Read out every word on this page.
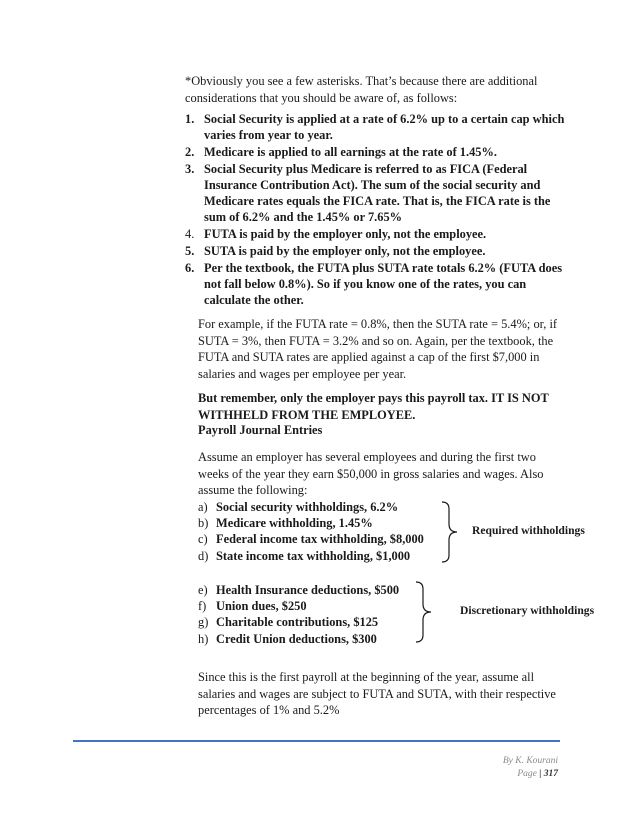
*Obviously you see a few asterisks. That’s because there are additional considerations that you should be aware of, as follows:

1. Social Security is applied at a rate of 6.2% up to a certain cap which varies from year to year.
2. Medicare is applied to all earnings at the rate of 1.45%.
3. Social Security plus Medicare is referred to as FICA (Federal Insurance Contribution Act). The sum of the social security and Medicare rates equals the FICA rate. That is, the FICA rate is the sum of 6.2% and the 1.45% or 7.65%
4. FUTA is paid by the employer only, not the employee.
5. SUTA is paid by the employer only, not the employee.
6. Per the textbook, the FUTA plus SUTA rate totals 6.2% (FUTA does not fall below 0.8%). So if you know one of the rates, you can calculate the other.

For example, if the FUTA rate = 0.8%, then the SUTA rate = 5.4%; or, if SUTA = 3%, then FUTA = 3.2% and so on. Again, per the textbook, the FUTA and SUTA rates are applied against a cap of the first $7,000 in salaries and wages per employee per year.

But remember, only the employer pays this payroll tax. IT IS NOT WITHHELD FROM THE EMPLOYEE.

Payroll Journal Entries

Assume an employer has several employees and during the first two weeks of the year they earn $50,000 in gross salaries and wages. Also assume the following:

a) Social security withholdings, 6.2%
b) Medicare withholding, 1.45%
c) Federal income tax withholding, $8,000
d) State income tax withholding, $1,000
Required withholdings
e) Health Insurance deductions, $500
f) Union dues, $250
g) Charitable contributions, $125
h) Credit Union deductions, $300
Discretionary withholdings

Since this is the first payroll at the beginning of the year, assume all salaries and wages are subject to FUTA and SUTA, with their respective percentages of 1% and 5.2%

By K. Kourani
Page | 317
